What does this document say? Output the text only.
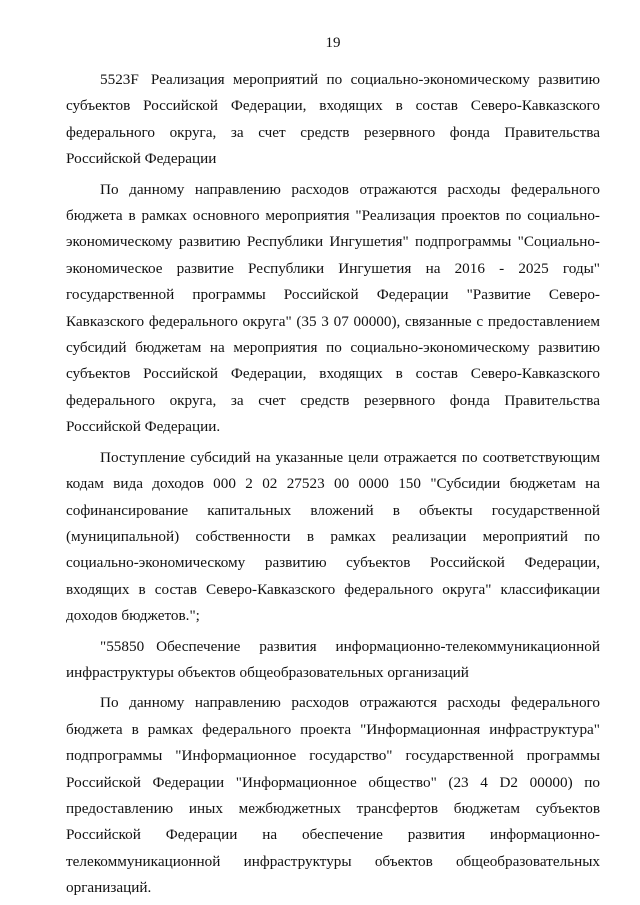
19

5523F Реализация мероприятий по социально-экономическому развитию субъектов Российской Федерации, входящих в состав Северо-Кавказского федерального округа, за счет средств резервного фонда Правительства Российской Федерации

По данному направлению расходов отражаются расходы федерального бюджета в рамках основного мероприятия "Реализация проектов по социально-экономическому развитию Республики Ингушетия" подпрограммы "Социально-экономическое развитие Республики Ингушетия на 2016 - 2025 годы" государственной программы Российской Федерации "Развитие Северо-Кавказского федерального округа" (35 3 07 00000), связанные с предоставлением субсидий бюджетам на мероприятия по социально-экономическому развитию субъектов Российской Федерации, входящих в состав Северо-Кавказского федерального округа, за счет средств резервного фонда Правительства Российской Федерации.

Поступление субсидий на указанные цели отражается по соответствующим кодам вида доходов 000 2 02 27523 00 0000 150 "Субсидии бюджетам на софинансирование капитальных вложений в объекты государственной (муниципальной) собственности в рамках реализации мероприятий по социально-экономическому развитию субъектов Российской Федерации, входящих в состав Северо-Кавказского федерального округа" классификации доходов бюджетов.";

"55850 Обеспечение развития информационно-телекоммуникационной инфраструктуры объектов общеобразовательных организаций

По данному направлению расходов отражаются расходы федерального бюджета в рамках федерального проекта "Информационная инфраструктура" подпрограммы "Информационное государство" государственной программы Российской Федерации "Информационное общество" (23 4 D2 00000) по предоставлению иных межбюджетных трансфертов бюджетам субъектов Российской Федерации на обеспечение развития информационно-телекоммуникационной инфраструктуры объектов общеобразовательных организаций.
